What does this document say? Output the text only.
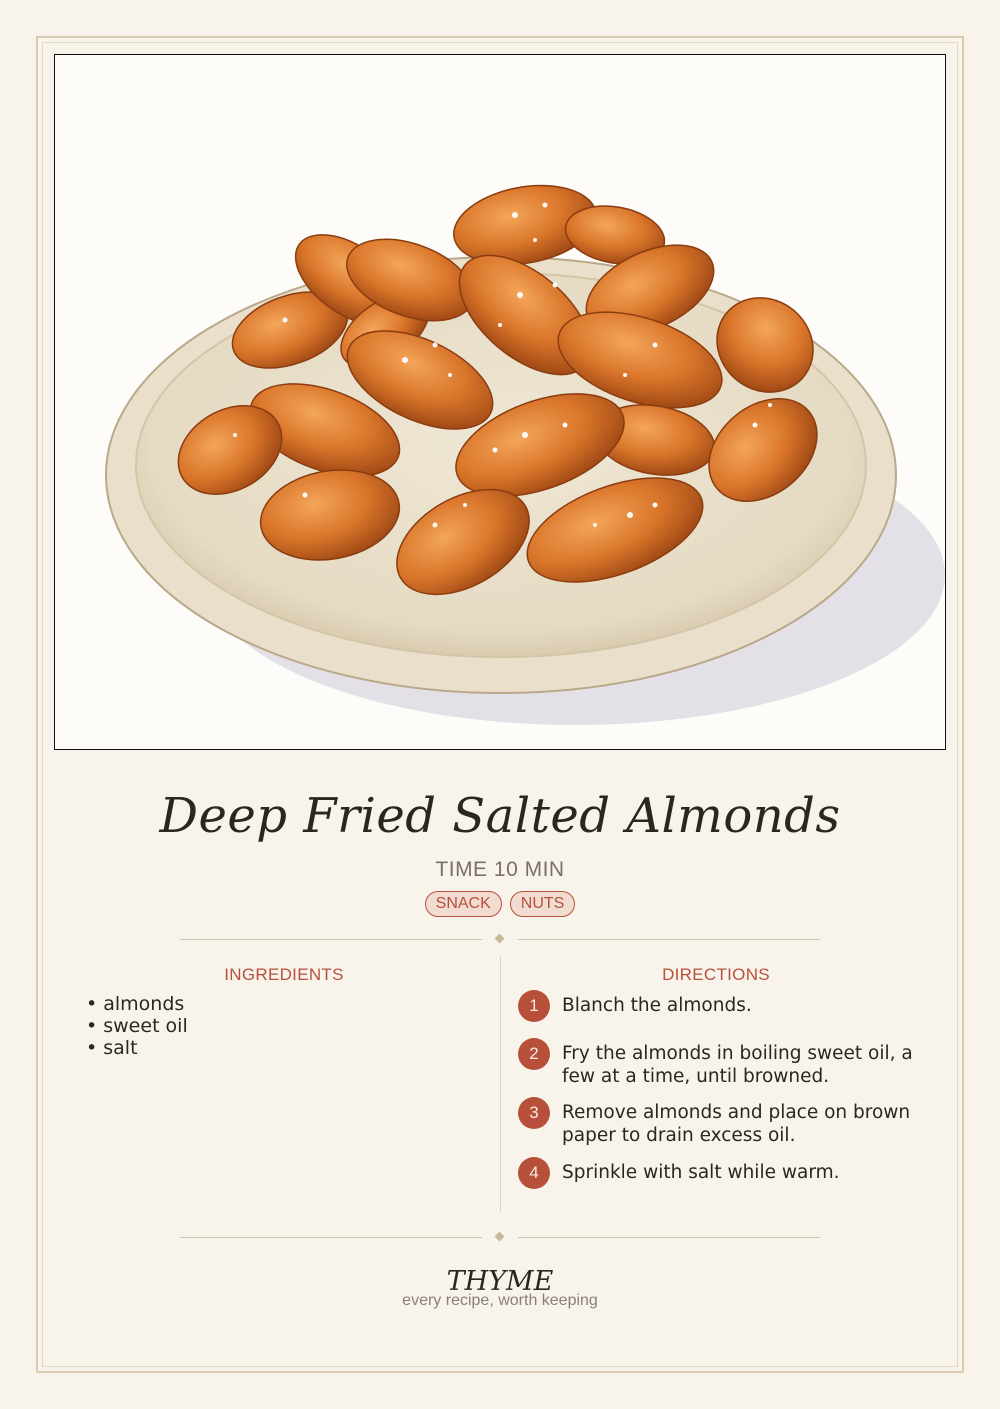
Deep Fried Salted Almonds
TIME 10 MIN
SNACK NUTS
INGREDIENTS
• almonds
• sweet oil
• salt
DIRECTIONS
1	Blanch the almonds.
2	Fry the almonds in boiling sweet oil, a few at a time, until browned.
3	Remove almonds and place on brown paper to drain excess oil.
4	Sprinkle with salt while warm.
THYME
every recipe, worth keeping
